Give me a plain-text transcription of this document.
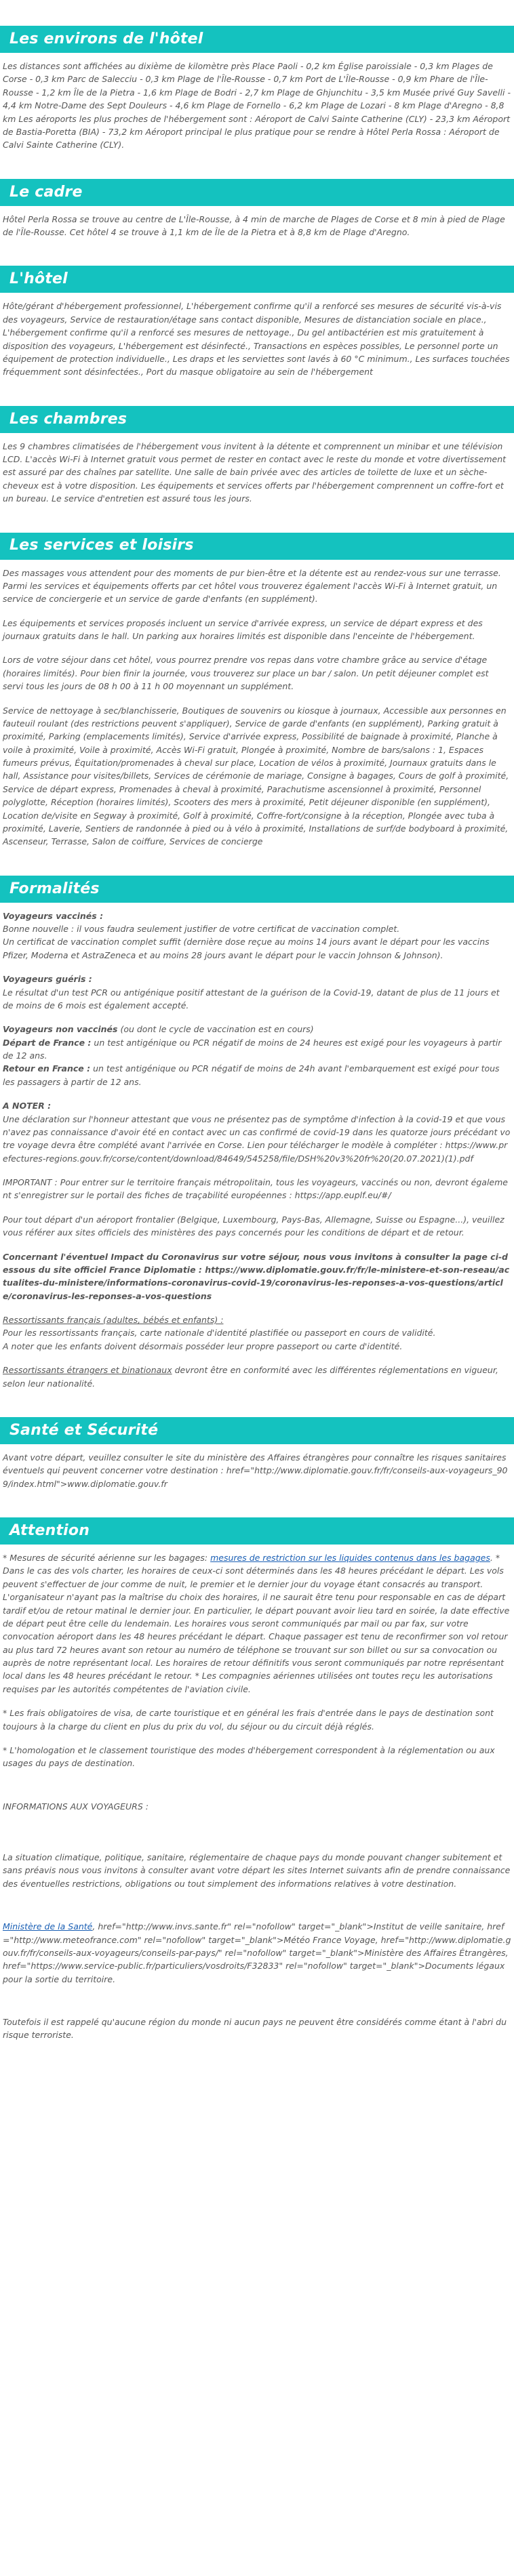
Les environs de l'hôtel

Les distances sont affichées au dixième de kilomètre près Place Paoli - 0,2 km Église paroissiale - 0,3 km Plages de Corse - 0,3 km Parc de Salecciu - 0,3 km Plage de l'Île-Rousse - 0,7 km Port de L'Île-Rousse - 0,9 km Phare de l'Île-Rousse - 1,2 km Île de la Pietra - 1,6 km Plage de Bodri - 2,7 km Plage de Ghjunchitu - 3,5 km Musée privé Guy Savelli - 4,4 km Notre-Dame des Sept Douleurs - 4,6 km Plage de Fornello - 6,2 km Plage de Lozari - 8 km Plage d'Aregno - 8,8 km Les aéroports les plus proches de l'hébergement sont : Aéroport de Calvi Sainte Catherine (CLY) - 23,3 km Aéroport de Bastia-Poretta (BIA) - 73,2 km Aéroport principal le plus pratique pour se rendre à Hôtel Perla Rossa : Aéroport de Calvi Sainte Catherine (CLY).

Le cadre

Hôtel Perla Rossa se trouve au centre de L'Île-Rousse, à 4 min de marche de Plages de Corse et 8 min à pied de Plage de l'Île-Rousse. Cet hôtel 4 se trouve à 1,1 km de Île de la Pietra et à 8,8 km de Plage d'Aregno.

L'hôtel

Hôte/gérant d'hébergement professionnel, L'hébergement confirme qu'il a renforcé ses mesures de sécurité vis-à-vis des voyageurs, Service de restauration/étage sans contact disponible, Mesures de distanciation sociale en place., L'hébergement confirme qu'il a renforcé ses mesures de nettoyage., Du gel antibactérien est mis gratuitement à disposition des voyageurs, L'hébergement est désinfecté., Transactions en espèces possibles, Le personnel porte un équipement de protection individuelle., Les draps et les serviettes sont lavés à 60 °C minimum., Les surfaces touchées fréquemment sont désinfectées., Port du masque obligatoire au sein de l'hébergement

Les chambres

Les 9 chambres climatisées de l'hébergement vous invitent à la détente et comprennent un minibar et une télévision LCD. L'accès Wi-Fi à Internet gratuit vous permet de rester en contact avec le reste du monde et votre divertissement est assuré par des chaînes par satellite. Une salle de bain privée avec des articles de toilette de luxe et un sèche-cheveux est à votre disposition. Les équipements et services offerts par l'hébergement comprennent un coffre-fort et un bureau. Le service d'entretien est assuré tous les jours.

Les services et loisirs

Des massages vous attendent pour des moments de pur bien-être et la détente est au rendez-vous sur une terrasse. Parmi les services et équipements offerts par cet hôtel vous trouverez également l'accès Wi-Fi à Internet gratuit, un service de conciergerie et un service de garde d'enfants (en supplément).

Les équipements et services proposés incluent un service d'arrivée express, un service de départ express et des journaux gratuits dans le hall. Un parking aux horaires limités est disponible dans l'enceinte de l'hébergement.

Lors de votre séjour dans cet hôtel, vous pourrez prendre vos repas dans votre chambre grâce au service d'étage (horaires limités). Pour bien finir la journée, vous trouverez sur place un bar / salon. Un petit déjeuner complet est servi tous les jours de 08 h 00 à 11 h 00 moyennant un supplément.

Service de nettoyage à sec/blanchisserie, Boutiques de souvenirs ou kiosque à journaux, Accessible aux personnes en fauteuil roulant (des restrictions peuvent s'appliquer), Service de garde d'enfants (en supplément), Parking gratuit à proximité, Parking (emplacements limités), Service d'arrivée express, Possibilité de baignade à proximité, Planche à voile à proximité, Voile à proximité, Accès Wi-Fi gratuit, Plongée à proximité, Nombre de bars/salons : 1, Espaces fumeurs prévus, Équitation/promenades à cheval sur place, Location de vélos à proximité, Journaux gratuits dans le hall, Assistance pour visites/billets, Services de cérémonie de mariage, Consigne à bagages, Cours de golf à proximité, Service de départ express, Promenades à cheval à proximité, Parachutisme ascensionnel à proximité, Personnel polyglotte, Réception (horaires limités), Scooters des mers à proximité, Petit déjeuner disponible (en supplément), Location de/visite en Segway à proximité, Golf à proximité, Coffre-fort/consigne à la réception, Plongée avec tuba à proximité, Laverie, Sentiers de randonnée à pied ou à vélo à proximité, Installations de surf/de bodyboard à proximité, Ascenseur, Terrasse, Salon de coiffure, Services de concierge

Formalités
Voyageurs vaccinés :
Bonne nouvelle : il vous faudra seulement justifier de votre certificat de vaccination complet.
Un certificat de vaccination complet suffit (dernière dose reçue au moins 14 jours avant le départ pour les vaccins Pfizer, Moderna et AstraZeneca et au moins 28 jours avant le départ pour le vaccin Johnson & Johnson).
Voyageurs guéris :
Le résultat d'un test PCR ou antigénique positif attestant de la guérison de la Covid-19, datant de plus de 11 jours et de moins de 6 mois est également accepté.
Voyageurs non vaccinés (ou dont le cycle de vaccination est en cours)
Départ de France : un test antigénique ou PCR négatif de moins de 24 heures est exigé pour les voyageurs à partir de 12 ans.
Retour en France : un test antigénique ou PCR négatif de moins de 24h avant l'embarquement est exigé pour tous les passagers à partir de 12 ans.
A NOTER :
Une déclaration sur l'honneur attestant que vous ne présentez pas de symptôme d'infection à la covid-19 et que vous n'avez pas connaissance d'avoir été en contact avec un cas confirmé de covid-19 dans les quatorze jours précédant votre voyage devra être complété avant l'arrivée en Corse. Lien pour télécharger le modèle à compléter : https://www.prefectures-regions.gouv.fr/corse/content/download/84649/545258/file/DSH%20v3%20fr%20(20.07.2021)(1).pdf
IMPORTANT : Pour entrer sur le territoire français métropolitain, tous les voyageurs, vaccinés ou non, devront également s'enregistrer sur le portail des fiches de traçabilité européennes : https://app.euplf.eu/#/
Pour tout départ d'un aéroport frontalier (Belgique, Luxembourg, Pays-Bas, Allemagne, Suisse ou Espagne...), veuillez vous référer aux sites officiels des ministères des pays concernés pour les conditions de départ et de retour.
Concernant l'éventuel Impact du Coronavirus sur votre séjour, nous vous invitons à consulter la page ci-dessous du site officiel France Diplomatie : https://www.diplomatie.gouv.fr/fr/le-ministere-et-son-reseau/actualites-du-ministere/informations-coronavirus-covid-19/coronavirus-les-reponses-a-vos-questions/article/coronavirus-les-reponses-a-vos-questions
Ressortissants français (adultes, bébés et enfants) :
Pour les ressortissants français, carte nationale d'identité plastifiée ou passeport en cours de validité.
A noter que les enfants doivent désormais posséder leur propre passeport ou carte d'identité.
Ressortissants étrangers et binationaux devront être en conformité avec les différentes réglementations en vigueur, selon leur nationalité.
Santé et Sécurité

Avant votre départ, veuillez consulter le site du ministère des Affaires étrangères pour connaître les risques sanitaires éventuels qui peuvent concerner votre destination : href="http://www.diplomatie.gouv.fr/fr/conseils-aux-voyageurs_909/index.html">www.diplomatie.gouv.fr

Attention
* Mesures de sécurité aérienne sur les bagages: mesures de restriction sur les liquides contenus dans les bagages. * Dans le cas des vols charter, les horaires de ceux-ci sont déterminés dans les 48 heures précédant le départ. Les vols peuvent s'effectuer de jour comme de nuit, le premier et le dernier jour du voyage étant consacrés au transport. L'organisateur n'ayant pas la maîtrise du choix des horaires, il ne saurait être tenu pour responsable en cas de départ tardif et/ou de retour matinal le dernier jour. En particulier, le départ pouvant avoir lieu tard en soirée, la date effective de départ peut être celle du lendemain. Les horaires vous seront communiqués par mail ou par fax, sur votre convocation aéroport dans les 48 heures précédant le départ. Chaque passager est tenu de reconfirmer son vol retour au plus tard 72 heures avant son retour au numéro de téléphone se trouvant sur son billet ou sur sa convocation ou auprès de notre représentant local. Les horaires de retour définitifs vous seront communiqués par notre représentant local dans les 48 heures précédant le retour. * Les compagnies aériennes utilisées ont toutes reçu les autorisations requises par les autorités compétentes de l'aviation civile.
* Les frais obligatoires de visa, de carte touristique et en général les frais d'entrée dans le pays de destination sont toujours à la charge du client en plus du prix du vol, du séjour ou du circuit déjà réglés.
* L'homologation et le classement touristique des modes d'hébergement correspondent à la réglementation ou aux usages du pays de destination.
INFORMATIONS AUX VOYAGEURS :
La situation climatique, politique, sanitaire, réglementaire de chaque pays du monde pouvant changer subitement et sans préavis nous vous invitons à consulter avant votre départ les sites Internet suivants afin de prendre connaissance des éventuelles restrictions, obligations ou tout simplement des informations relatives à votre destination.
Ministère de la Santé, href="http://www.invs.sante.fr" rel="nofollow" target="_blank">Institut de veille sanitaire, href="http://www.meteofrance.com" rel="nofollow" target="_blank">Météo France Voyage, href="http://www.diplomatie.gouv.fr/fr/conseils-aux-voyageurs/conseils-par-pays/" rel="nofollow" target="_blank">Ministère des Affaires Étrangères, href="https://www.service-public.fr/particuliers/vosdroits/F32833" rel="nofollow" target="_blank">Documents légaux pour la sortie du territoire.
Toutefois il est rappelé qu'aucune région du monde ni aucun pays ne peuvent être considérés comme étant à l'abri du risque terroriste.
